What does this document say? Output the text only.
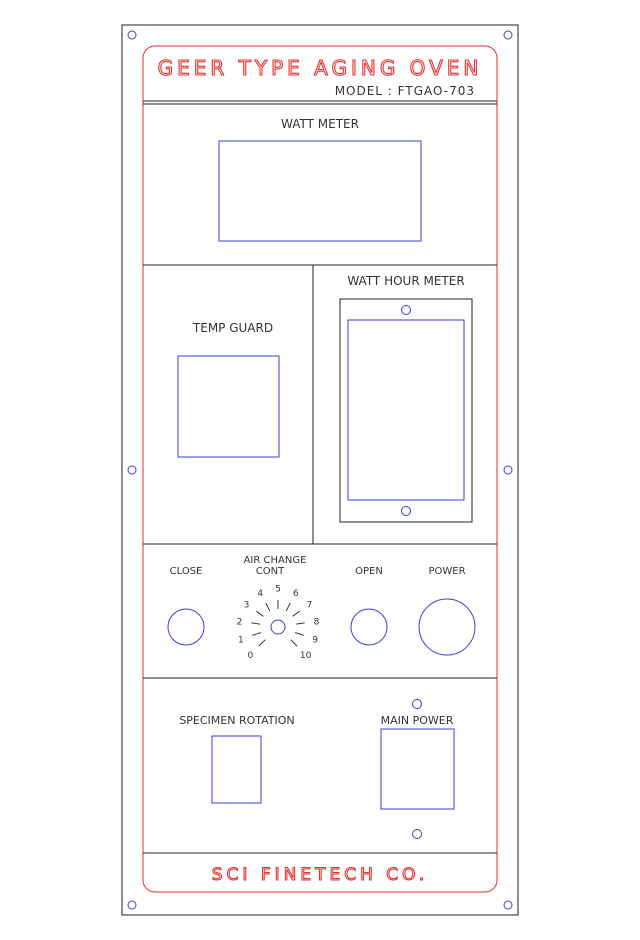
GEER TYPE AGING OVEN
MODEL : FTGAO-703
WATT METER
TEMP GUARD
WATT HOUR METER
CLOSE
AIR CHANGE
CONT
0
1
2
3
4 5 6
7
8
9
10
OPEN	POWER
SPECIMEN ROTATION	MAIN POWER
SCI FINETECH CO.
